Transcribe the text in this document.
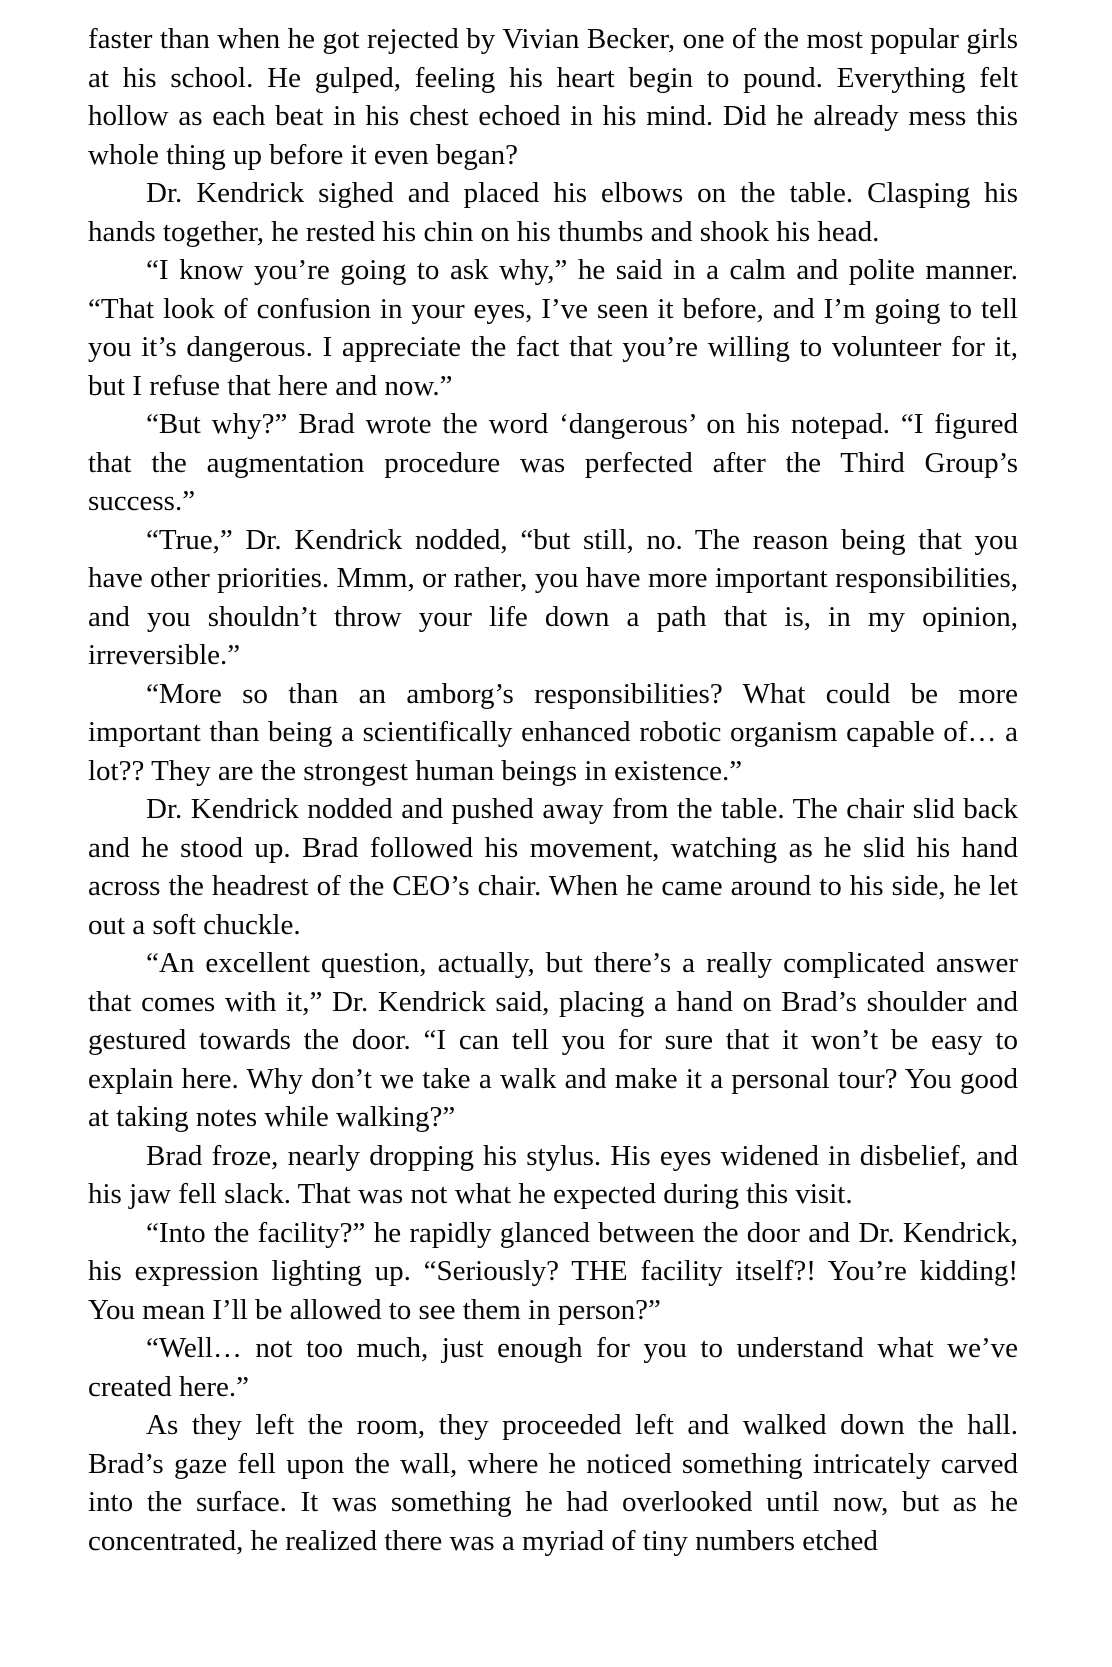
faster than when he got rejected by Vivian Becker, one of the most popular girls at his school. He gulped, feeling his heart begin to pound. Everything felt hollow as each beat in his chest echoed in his mind. Did he already mess this whole thing up before it even began?

Dr. Kendrick sighed and placed his elbows on the table. Clasping his hands together, he rested his chin on his thumbs and shook his head.

“I know you’re going to ask why,” he said in a calm and polite manner. “That look of confusion in your eyes, I’ve seen it before, and I’m going to tell you it’s dangerous. I appreciate the fact that you’re willing to volunteer for it, but I refuse that here and now.”

“But why?” Brad wrote the word ‘dangerous’ on his notepad. “I figured that the augmentation procedure was perfected after the Third Group’s success.”

“True,” Dr. Kendrick nodded, “but still, no. The reason being that you have other priorities. Mmm, or rather, you have more important responsibilities, and you shouldn’t throw your life down a path that is, in my opinion, irreversible.”

“More so than an amborg’s responsibilities? What could be more important than being a scientifically enhanced robotic organism capable of… a lot?? They are the strongest human beings in existence.”

Dr. Kendrick nodded and pushed away from the table. The chair slid back and he stood up. Brad followed his movement, watching as he slid his hand across the headrest of the CEO’s chair. When he came around to his side, he let out a soft chuckle.

“An excellent question, actually, but there’s a really complicated answer that comes with it,” Dr. Kendrick said, placing a hand on Brad’s shoulder and gestured towards the door. “I can tell you for sure that it won’t be easy to explain here. Why don’t we take a walk and make it a personal tour? You good at taking notes while walking?”

Brad froze, nearly dropping his stylus. His eyes widened in disbelief, and his jaw fell slack. That was not what he expected during this visit.

“Into the facility?” he rapidly glanced between the door and Dr. Kendrick, his expression lighting up. “Seriously? THE facility itself?! You’re kidding! You mean I’ll be allowed to see them in person?”

“Well… not too much, just enough for you to understand what we’ve created here.”

As they left the room, they proceeded left and walked down the hall. Brad’s gaze fell upon the wall, where he noticed something intricately carved into the surface. It was something he had overlooked until now, but as he concentrated, he realized there was a myriad of tiny numbers etched
